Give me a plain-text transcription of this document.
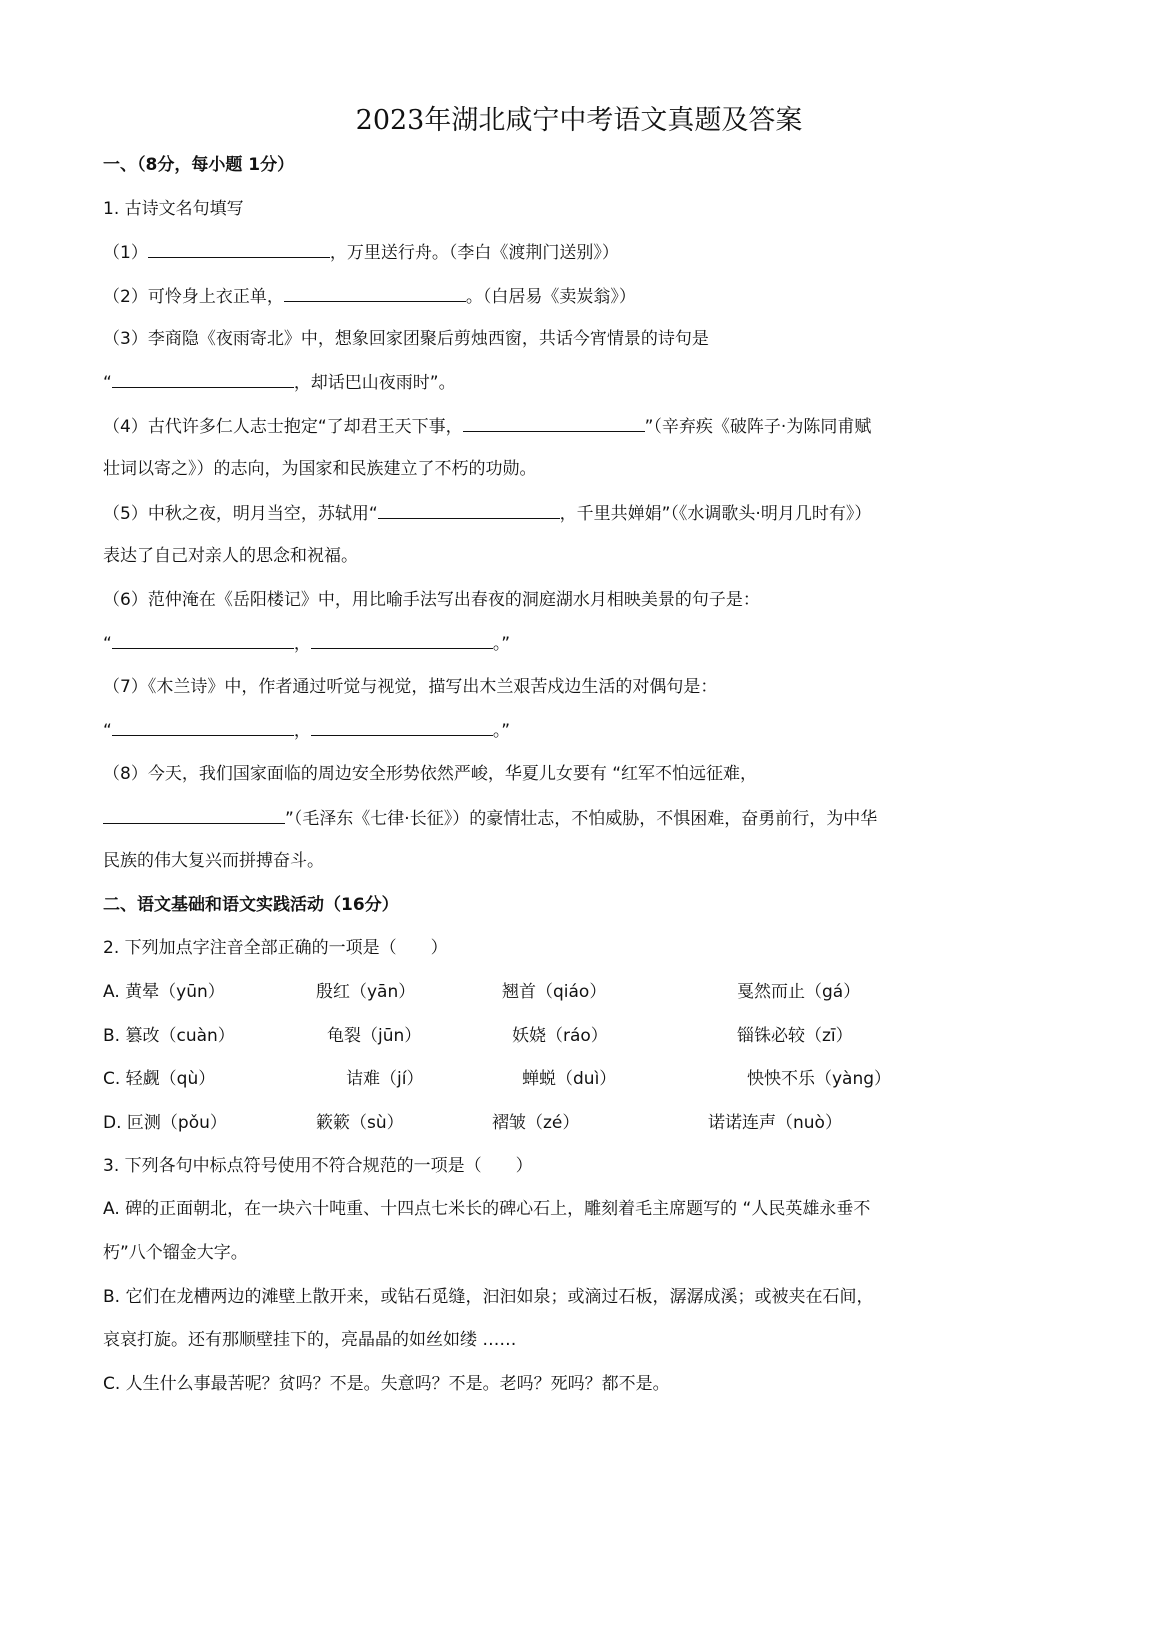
2023年湖北咸宁中考语文真题及答案
一、（8分，每小题 1分）
1. 古诗文名句填写
（1）	，万里送行舟。（李白《渡荆门送别》）
（2）可怜身上衣正单，	。（白居易《卖炭翁》）
（3）李商隐《夜雨寄北》中，想象回家团聚后剪烛西窗，共话今宵情景的诗句是
“	，却话巴山夜雨时”。
（4）古代许多仁人志士抱定“了却君王天下事，	”（辛弃疾《破阵子·为陈同甫赋
壮词以寄之》）的志向，为国家和民族建立了不朽的功勋。
（5）中秋之夜，明月当空，苏轼用“	，千里共婵娟”（《水调歌头·明月几时有》）
表达了自己对亲人的思念和祝福。
（6）范仲淹在《岳阳楼记》中，用比喻手法写出春夜的洞庭湖水月相映美景的句子是：
“	，	。”
（7）《木兰诗》中，作者通过听觉与视觉，描写出木兰艰苦戍边生活的对偶句是：
“	，	。”
（8）今天，我们国家面临的周边安全形势依然严峻，华夏儿女要有 “红军不怕远征难，
”（毛泽东《七律·长征》）的豪情壮志，不怕威胁，不惧困难，奋勇前行，为中华
民族的伟大复兴而拼搏奋斗。
二、语文基础和语文实践活动（16分）
2. 下列加点字注音全部正确的一项是（　　）
A. 黄晕（yūn）	殷红（yān）	翘首（qiáo）	戛然而止（gá）
B. 篡改（cuàn）	龟裂（jūn）	妖娆（ráo）	锱铢必较（zī）
C. 轻觑（qù）	诘难（jí）	蝉蜕（duì）	怏怏不乐（yàng）
D. 叵测（pǒu）	簌簌（sù）	褶皱（zé）	诺诺连声（nuò）
3. 下列各句中标点符号使用不符合规范的一项是（　　）
A. 碑的正面朝北，在一块六十吨重、十四点七米长的碑心石上，雕刻着毛主席题写的 “人民英雄永垂不
朽”八个镏金大字。
B. 它们在龙槽两边的滩壁上散开来，或钻石觅缝，汩汩如泉；或滴过石板，潺潺成溪；或被夹在石间，
哀哀打旋。还有那顺壁挂下的，亮晶晶的如丝如缕 ……
C. 人生什么事最苦呢？贫吗？不是。失意吗？不是。老吗？死吗？都不是。
